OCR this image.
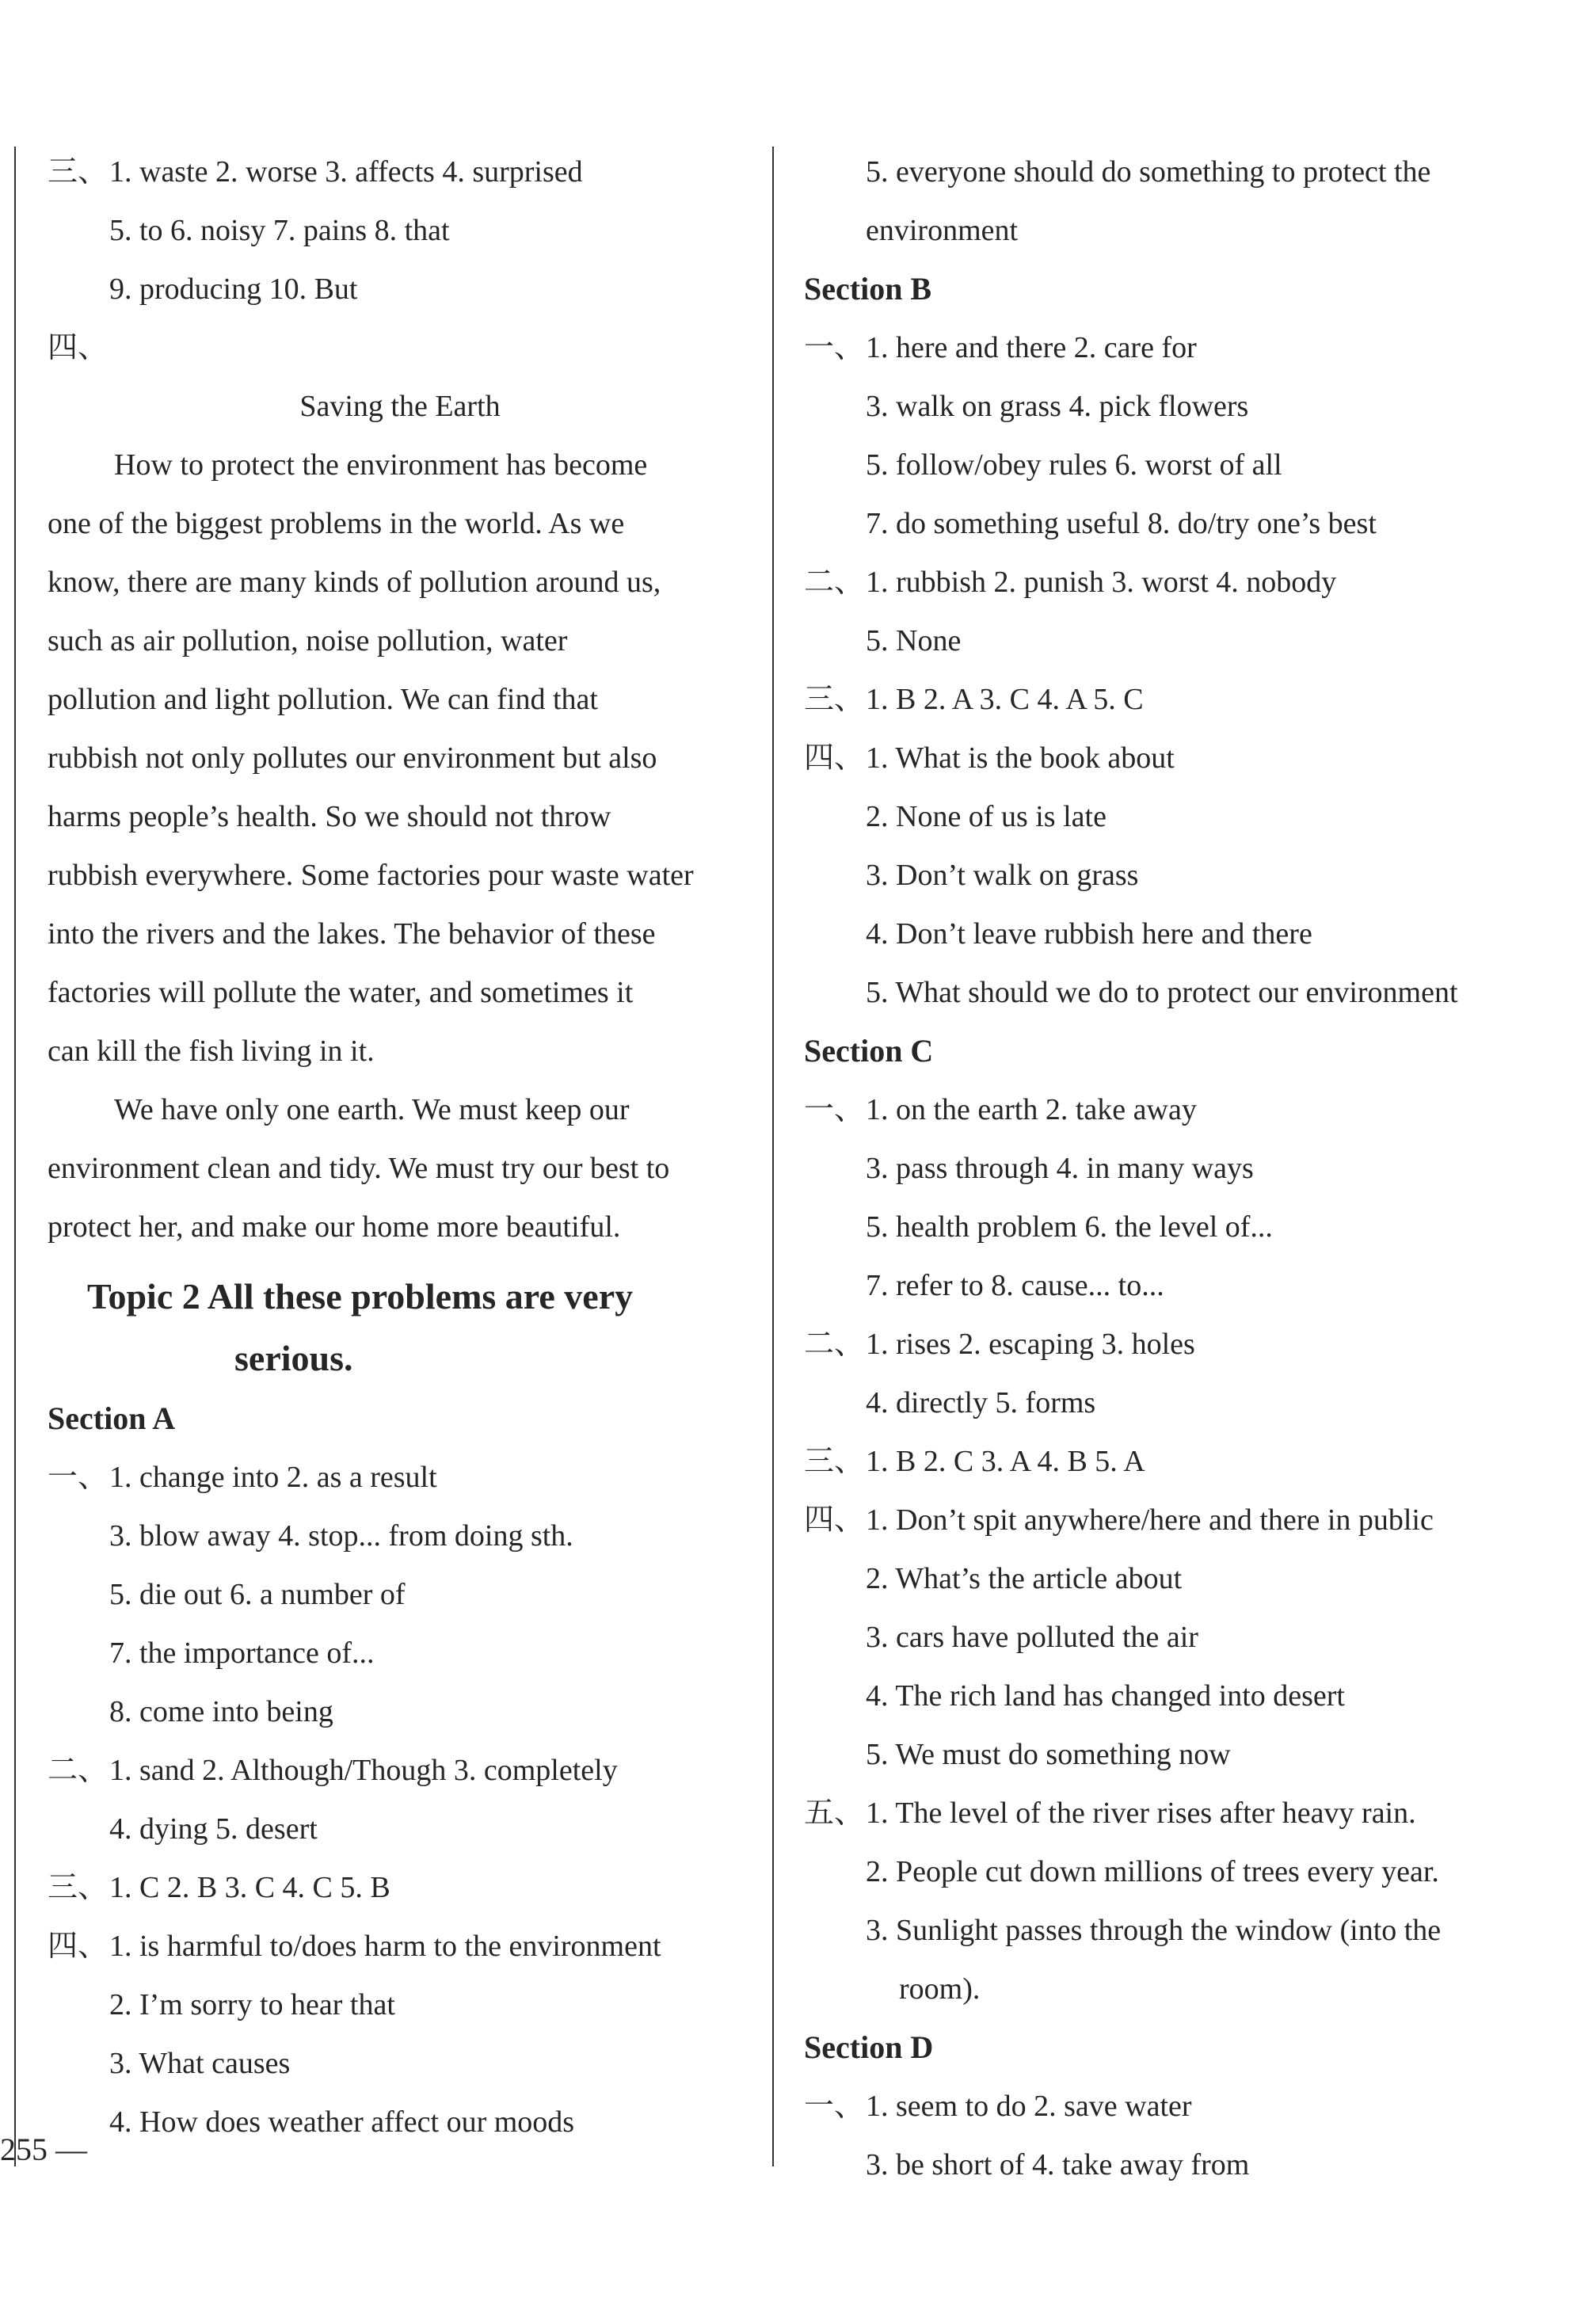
三、1. waste 2. worse 3. affects 4. surprised
5. to 6. noisy 7. pains 8. that
9. producing 10. But
四、
Saving the Earth
How to protect the environment has become
one of the biggest problems in the world. As we
know, there are many kinds of pollution around us,
such as air pollution, noise pollution, water
pollution and light pollution. We can find that
rubbish not only pollutes our environment but also
harms people’s health. So we should not throw
rubbish everywhere. Some factories pour waste water
into the rivers and the lakes. The behavior of these
factories will pollute the water, and sometimes it
can kill the fish living in it.
We have only one earth. We must keep our
environment clean and tidy. We must try our best to
protect her, and make our home more beautiful.
Topic 2 All these problems are very
serious.
Section A
一、1. change into 2. as a result
3. blow away 4. stop... from doing sth.
5. die out 6. a number of
7. the importance of...
8. come into being
二、1. sand 2. Although/Though 3. completely
4. dying 5. desert
三、1. C 2. B 3. C 4. C 5. B
四、1. is harmful to/does harm to the environment
2. I’m sorry to hear that
3. What causes
4. How does weather affect our moods
5. everyone should do something to protect the
environment
Section B
一、1. here and there 2. care for
3. walk on grass 4. pick flowers
5. follow/obey rules 6. worst of all
7. do something useful 8. do/try one’s best
二、1. rubbish 2. punish 3. worst 4. nobody
5. None
三、1. B 2. A 3. C 4. A 5. C
四、1. What is the book about
2. None of us is late
3. Don’t walk on grass
4. Don’t leave rubbish here and there
5. What should we do to protect our environment
Section C
一、1. on the earth 2. take away
3. pass through 4. in many ways
5. health problem 6. the level of...
7. refer to 8. cause... to...
二、1. rises 2. escaping 3. holes
4. directly 5. forms
三、1. B 2. C 3. A 4. B 5. A
四、1. Don’t spit anywhere/here and there in public
2. What’s the article about
3. cars have polluted the air
4. The rich land has changed into desert
5. We must do something now
五、1. The level of the river rises after heavy rain.
2. People cut down millions of trees every year.
3. Sunlight passes through the window (into the
room).
Section D
一、1. seem to do 2. save water
3. be short of 4. take away from
255 —
